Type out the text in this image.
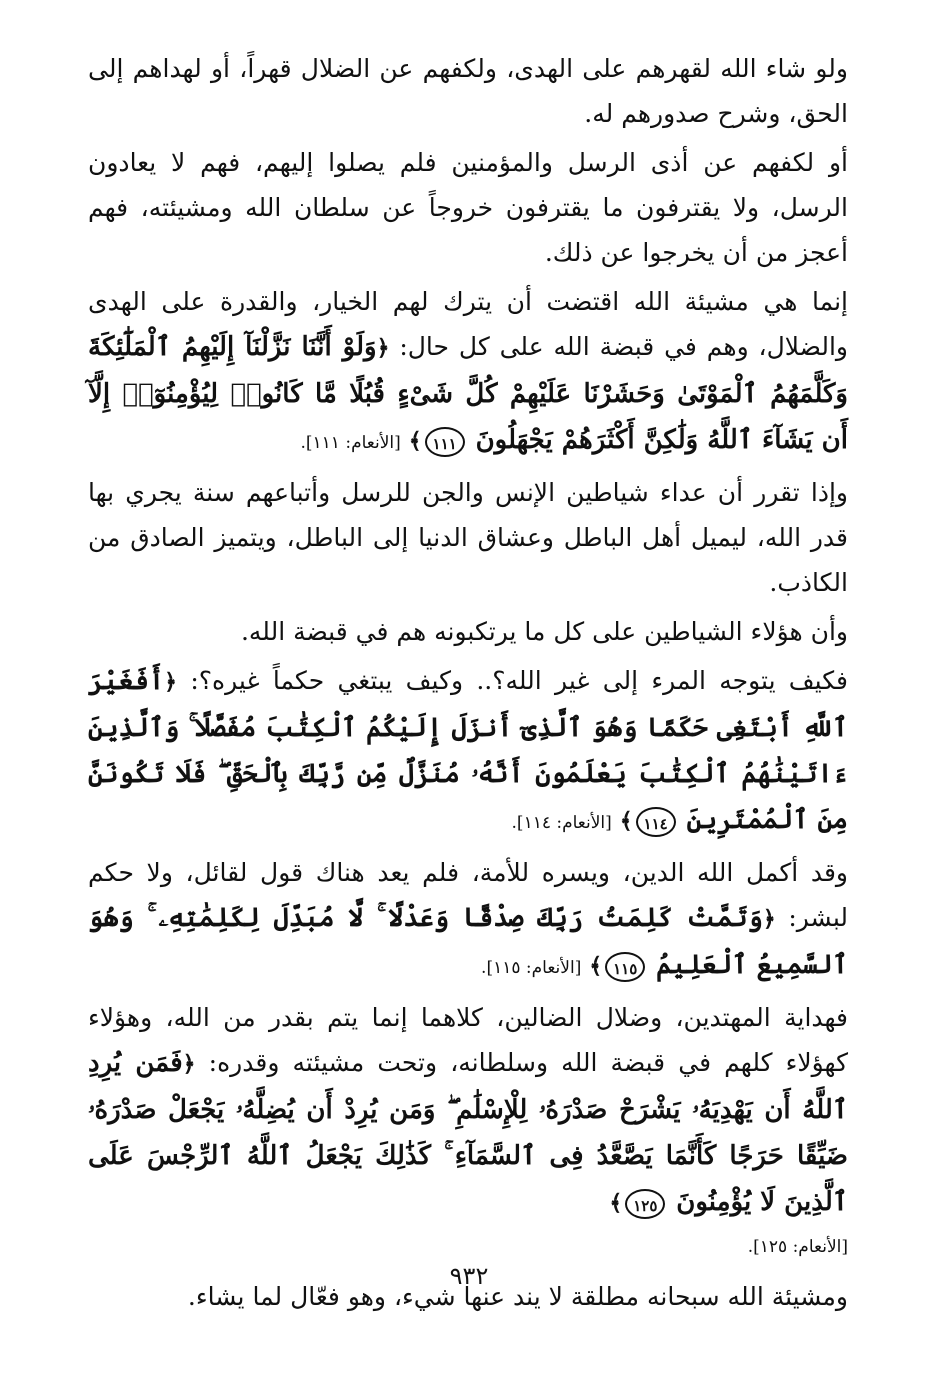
ولو شاء الله لقهرهم على الهدى، ولكفهم عن الضلال قهراً، أو لهداهم إلى الحق، وشرح صدورهم له.

أو لكفهم عن أذى الرسل والمؤمنين فلم يصلوا إليهم، فهم لا يعادون الرسل، ولا يقترفون ما يقترفون خروجاً عن سلطان الله ومشيئته، فهم أعجز من أن يخرجوا عن ذلك.

إنما هي مشيئة الله اقتضت أن يترك لهم الخيار، والقدرة على الهدى والضلال، وهم في قبضة الله على كل حال: ﴿وَلَوْ أَنَّنَا نَزَّلْنَآ إِلَيْهِمُ ٱلْمَلَٰٓئِكَةَ وَكَلَّمَهُمُ ٱلْمَوْتَىٰ وَحَشَرْنَا عَلَيْهِمْ كُلَّ شَىْءٍ قُبُلًا مَّا كَانُوا۟ لِيُؤْمِنُوٓا۟ إِلَّآ أَن يَشَآءَ ٱللَّهُ وَلَٰكِنَّ أَكْثَرَهُمْ يَجْهَلُونَ ١١١﴾ [الأنعام: ١١١].

وإذا تقرر أن عداء شياطين الإنس والجن للرسل وأتباعهم سنة يجري بها قدر الله، ليميل أهل الباطل وعشاق الدنيا إلى الباطل، ويتميز الصادق من الكاذب.

وأن هؤلاء الشياطين على كل ما يرتكبونه هم في قبضة الله.

فكيف يتوجه المرء إلى غير الله؟.. وكيف يبتغي حكماً غيره؟: ﴿أَفَغَيْرَ ٱللَّهِ أَبْتَغِى حَكَمًا وَهُوَ ٱلَّذِىٓ أَنزَلَ إِلَيْكُمُ ٱلْكِتَٰبَ مُفَصَّلًا ۚ وَٱلَّذِينَ ءَاتَيْنَٰهُمُ ٱلْكِتَٰبَ يَعْلَمُونَ أَنَّهُۥ مُنَزَّلٌ مِّن رَّبِّكَ بِٱلْحَقِّ ۖ فَلَا تَكُونَنَّ مِنَ ٱلْمُمْتَرِينَ ١١٤﴾ [الأنعام: ١١٤].

وقد أكمل الله الدين، ويسره للأمة، فلم يعد هناك قول لقائل، ولا حكم لبشر: ﴿وَتَمَّتْ كَلِمَتُ رَبِّكَ صِدْقًا وَعَدْلًا ۚ لَّا مُبَدِّلَ لِكَلِمَٰتِهِۦ ۚ وَهُوَ ٱلسَّمِيعُ ٱلْعَلِيمُ ١١٥﴾ [الأنعام: ١١٥].

فهداية المهتدين، وضلال الضالين، كلاهما إنما يتم بقدر من الله، وهؤلاء كهؤلاء كلهم في قبضة الله وسلطانه، وتحت مشيئته وقدره: ﴿فَمَن يُرِدِ ٱللَّهُ أَن يَهْدِيَهُۥ يَشْرَحْ صَدْرَهُۥ لِلْإِسْلَٰمِ ۖ وَمَن يُرِدْ أَن يُضِلَّهُۥ يَجْعَلْ صَدْرَهُۥ ضَيِّقًا حَرَجًا كَأَنَّمَا يَصَّعَّدُ فِى ٱلسَّمَآءِ ۚ كَذَٰلِكَ يَجْعَلُ ٱللَّهُ ٱلرِّجْسَ عَلَى ٱلَّذِينَ لَا يُؤْمِنُونَ ١٢٥﴾

[الأنعام: ١٢٥].

ومشيئة الله سبحانه مطلقة لا يند عنها شيء، وهو فعّال لما يشاء.

٩٣٢
